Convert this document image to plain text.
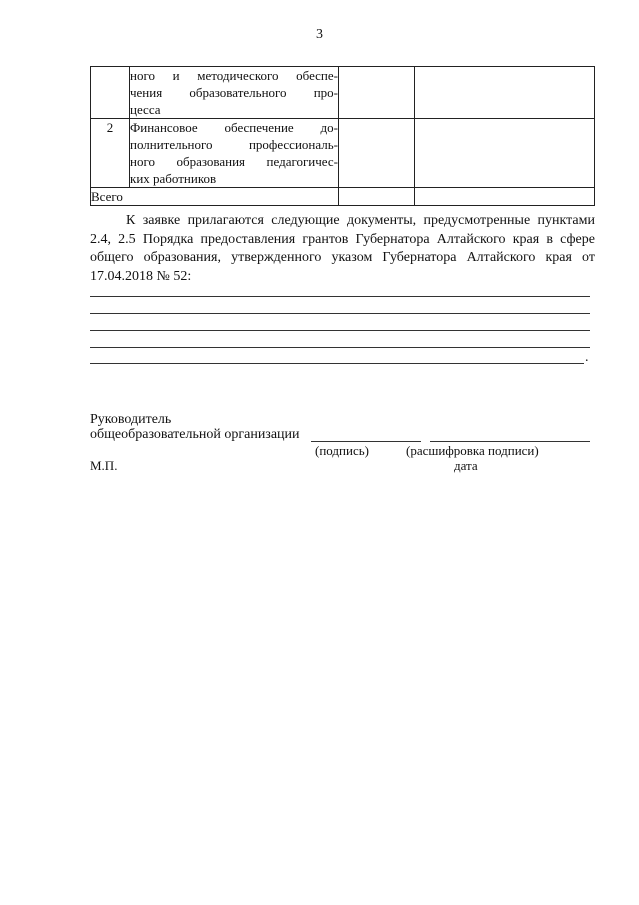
3

	ного и методического обеспе-
чения образовательного про-
цесса		

2	Финансовое обеспечение до-
полнительного профессиональ-
ного образования педагогичес-
ких работников		

Всего			
К заявке прилагаются следующие документы, предусмотренные пунктами 2.4, 2.5 Порядка предоставления грантов Губернатора Алтайского края в сфере общего образования, утвержденного указом Губернатора Алтайского края от 17.04.2018 № 52:
.
Руководитель
общеобразовательной организации
(подпись)	(расшифровка подписи)
дата
М.П.
